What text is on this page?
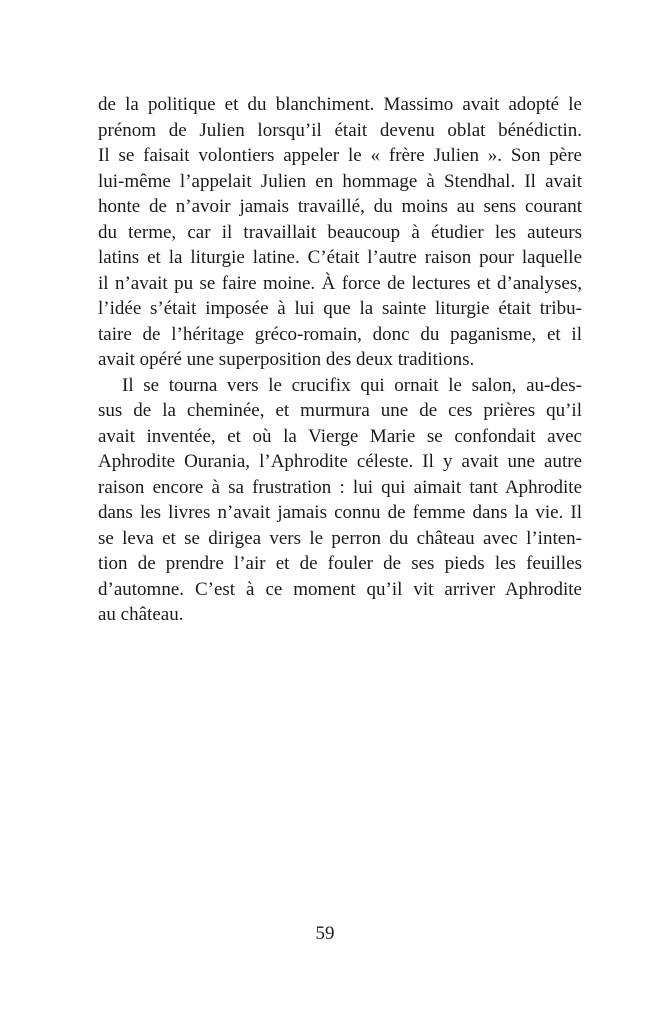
de la politique et du blanchiment. Massimo avait adopté le
prénom de Julien lorsqu’il était devenu oblat bénédictin.
Il se faisait volontiers appeler le « frère Julien ». Son père
lui-même l’appelait Julien en hommage à Stendhal. Il avait
honte de n’avoir jamais travaillé, du moins au sens courant
du terme, car il travaillait beaucoup à étudier les auteurs
latins et la liturgie latine. C’était l’autre raison pour laquelle
il n’avait pu se faire moine. À force de lectures et d’analyses,
l’idée s’était imposée à lui que la sainte liturgie était tribu-
taire de l’héritage gréco-romain, donc du paganisme, et il
avait opéré une superposition des deux traditions.
Il se tourna vers le crucifix qui ornait le salon, au-des-
sus de la cheminée, et murmura une de ces prières qu’il
avait inventée, et où la Vierge Marie se confondait avec
Aphrodite Ourania, l’Aphrodite céleste. Il y avait une autre
raison encore à sa frustration : lui qui aimait tant Aphrodite
dans les livres n’avait jamais connu de femme dans la vie. Il
se leva et se dirigea vers le perron du château avec l’inten-
tion de prendre l’air et de fouler de ses pieds les feuilles
d’automne. C’est à ce moment qu’il vit arriver Aphrodite
au château.
59
